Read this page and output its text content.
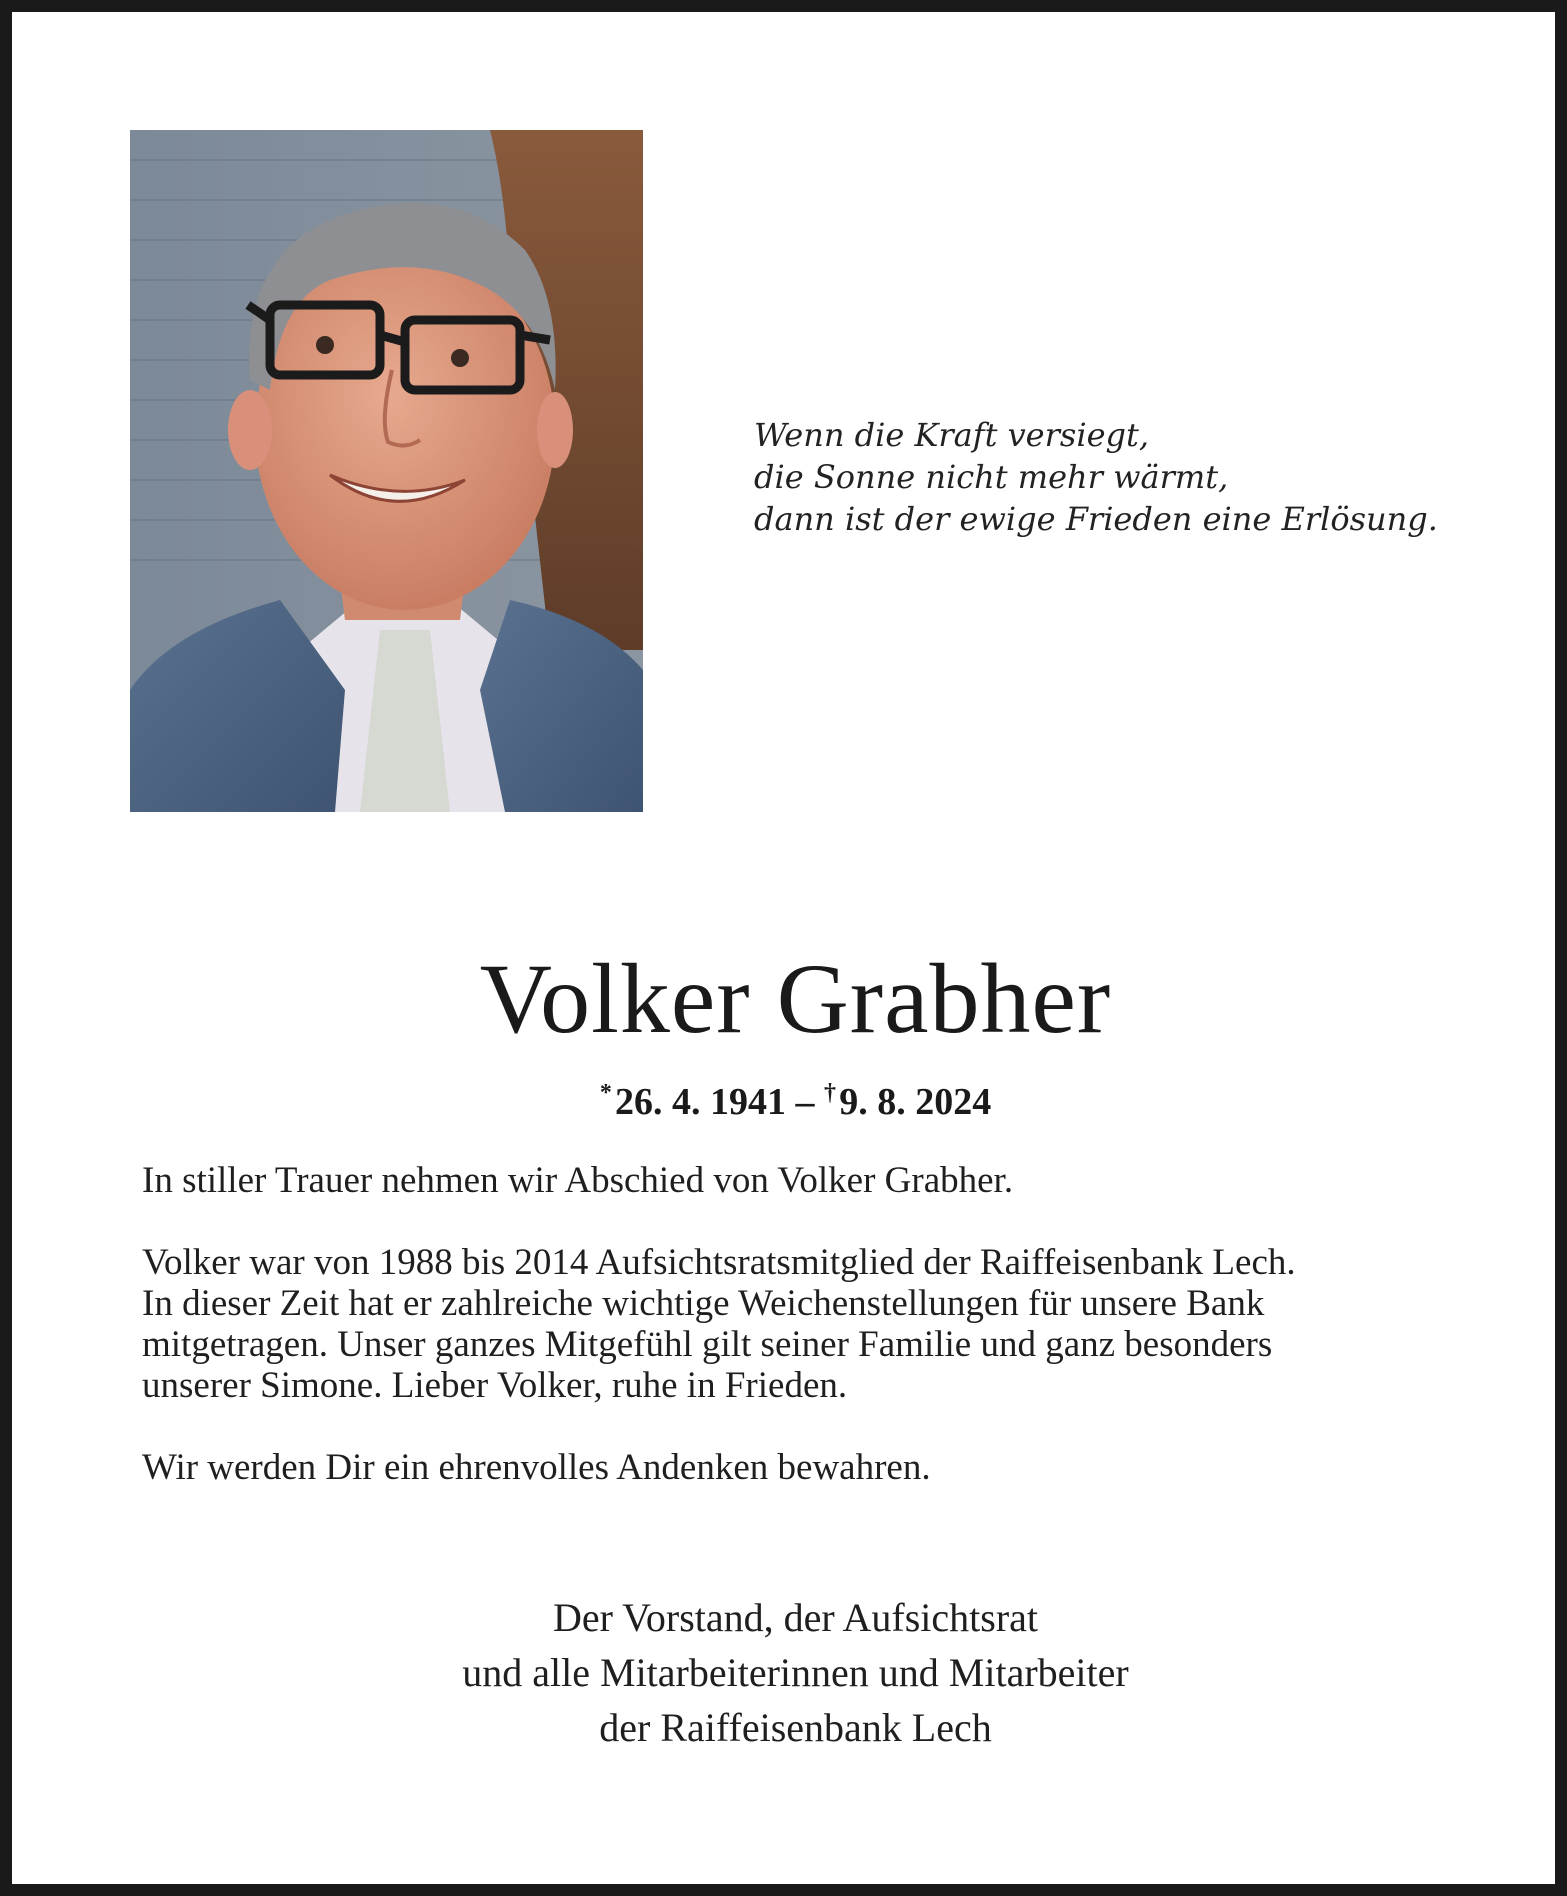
Wenn die Kraft versiegt,
die Sonne nicht mehr wärmt,
dann ist der ewige Frieden eine Erlösung.
Volker Grabher
* 26. 4. 1941 – † 9. 8. 2024

In stiller Trauer nehmen wir Abschied von Volker Grabher.

Volker war von 1988 bis 2014 Aufsichtsratsmitglied der Raiffeisenbank Lech.
In dieser Zeit hat er zahlreiche wichtige Weichenstellungen für unsere Bank
mitgetragen. Unser ganzes Mitgefühl gilt seiner Familie und ganz besonders
unserer Simone. Lieber Volker, ruhe in Frieden.

Wir werden Dir ein ehrenvolles Andenken bewahren.

Der Vorstand, der Aufsichtsrat
und alle Mitarbeiterinnen und Mitarbeiter
der Raiffeisenbank Lech
